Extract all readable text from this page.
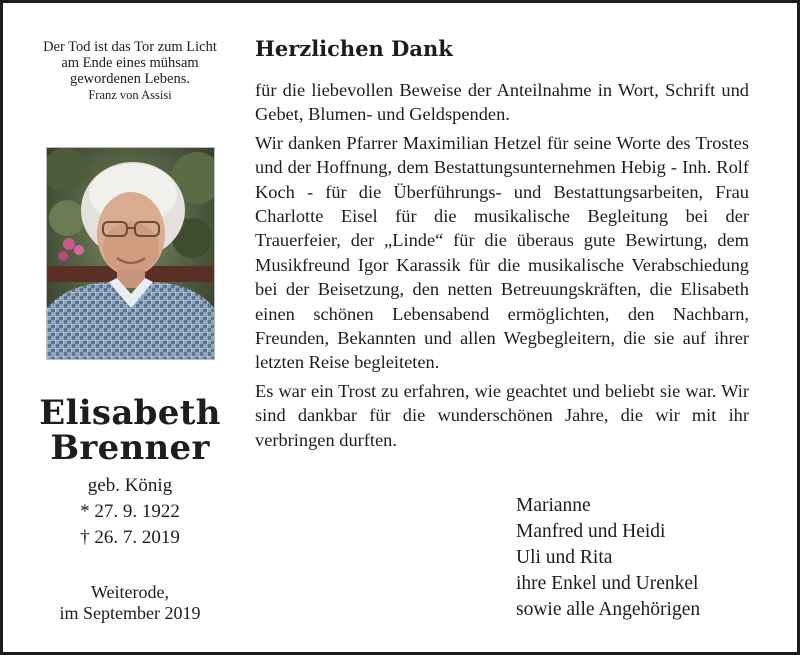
Der Tod ist das Tor zum Licht
am Ende eines mühsam
gewordenen Lebens.
Franz von Assisi
Elisabeth
Brenner
geb. König
* 27. 9. 1922
† 26. 7. 2019
Weiterode,
im September 2019
Herzlichen Dank

für die liebevollen Beweise der Anteilnahme in Wort, Schrift und Gebet, Blumen- und Geldspenden.

Wir danken Pfarrer Maximilian Hetzel für seine Worte des Trostes und der Hoffnung, dem Bestattungsunternehmen Hebig - Inh. Rolf Koch - für die Überführungs- und Bestattungsarbeiten, Frau Charlotte Eisel für die musikalische Begleitung bei der Trauerfeier, der „Linde“ für die überaus gute Bewirtung, dem Musikfreund Igor Karassik für die musikalische Verabschiedung bei der Beisetzung, den netten Betreuungskräften, die Elisabeth einen schönen Lebensabend ermöglichten, den Nachbarn, Freunden, Bekannten und allen Wegbegleitern, die sie auf ihrer letzten Reise begleiteten.

Es war ein Trost zu erfahren, wie geachtet und beliebt sie war. Wir sind dankbar für die wunderschönen Jahre, die wir mit ihr verbringen durften.

Marianne
Manfred und Heidi
Uli und Rita
ihre Enkel und Urenkel
sowie alle Angehörigen
